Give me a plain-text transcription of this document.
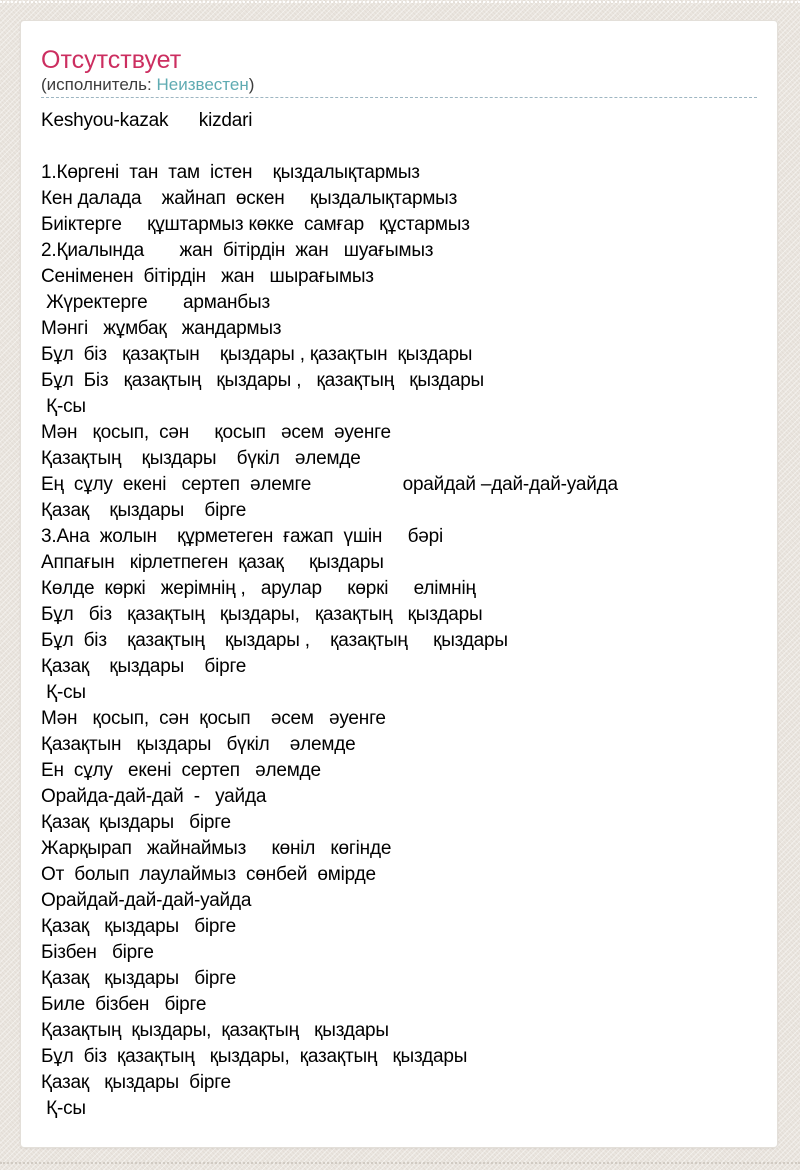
Отсутствует
(исполнитель: Неизвестен)
Keshyou-kazak      kizdari

1.Көргені  тан  там  істен    қыздалықтармыз
Кен далада    жайнап  өскен     қыздалықтармыз
Биіктерге     құштармыз көкке  самғар   құстармыз
2.Қиалында       жан  бітірдін  жан   шуағымыз
Сеніменен  бітірдін   жан   шырағымыз
Жүректерге       арманбыз
Мәнгі   жұмбақ   жандармыз
Бұл  біз   қазақтын    қыздары , қазақтын  қыздары
Бұл  Біз   қазақтың   қыздары ,   қазақтың   қыздары
Қ-сы
Мән   қосып,  сән     қосып   әсем  әуенге
Қазақтың    қыздары    бүкіл   әлемде
Ең  сұлу  екені   сертеп  әлемге                  орайдай –дай-дай-уайда
Қазақ    қыздары    бірге
3.Ана  жолын    құрметеген  ғажап  үшін     бәрі
Аппағын   кірлетпеген  қазақ     қыздары
Көлде  көркі   жерімнің ,   арулар     көркі     елімнің
Бұл   біз   қазақтың   қыздары,   қазақтың   қыздары
Бұл  біз    қазақтың    қыздары ,    қазақтың     қыздары
Қазақ    қыздары    бірге
Қ-сы
Мән   қосып,  сән  қосып    әсем   әуенге
Қазақтын   қыздары   бүкіл    әлемде
Ен  сұлу   екені  сертеп   әлемде
Орайда-дай-дай  -   уайда
Қазақ  қыздары   бірге
Жарқырап   жайнаймыз     көніл   көгінде
От  болып  лаулаймыз  сөнбей  өмірде
Орайдай-дай-дай-уайда
Қазақ   қыздары   бірге
Бізбен   бірге
Қазақ   қыздары   бірге
Биле  бізбен   бірге
Қазақтың  қыздары,  қазақтың   қыздары
Бұл  біз  қазақтың   қыздары,  қазақтың   қыздары
Қазақ   қыздары  бірге
Қ-сы
